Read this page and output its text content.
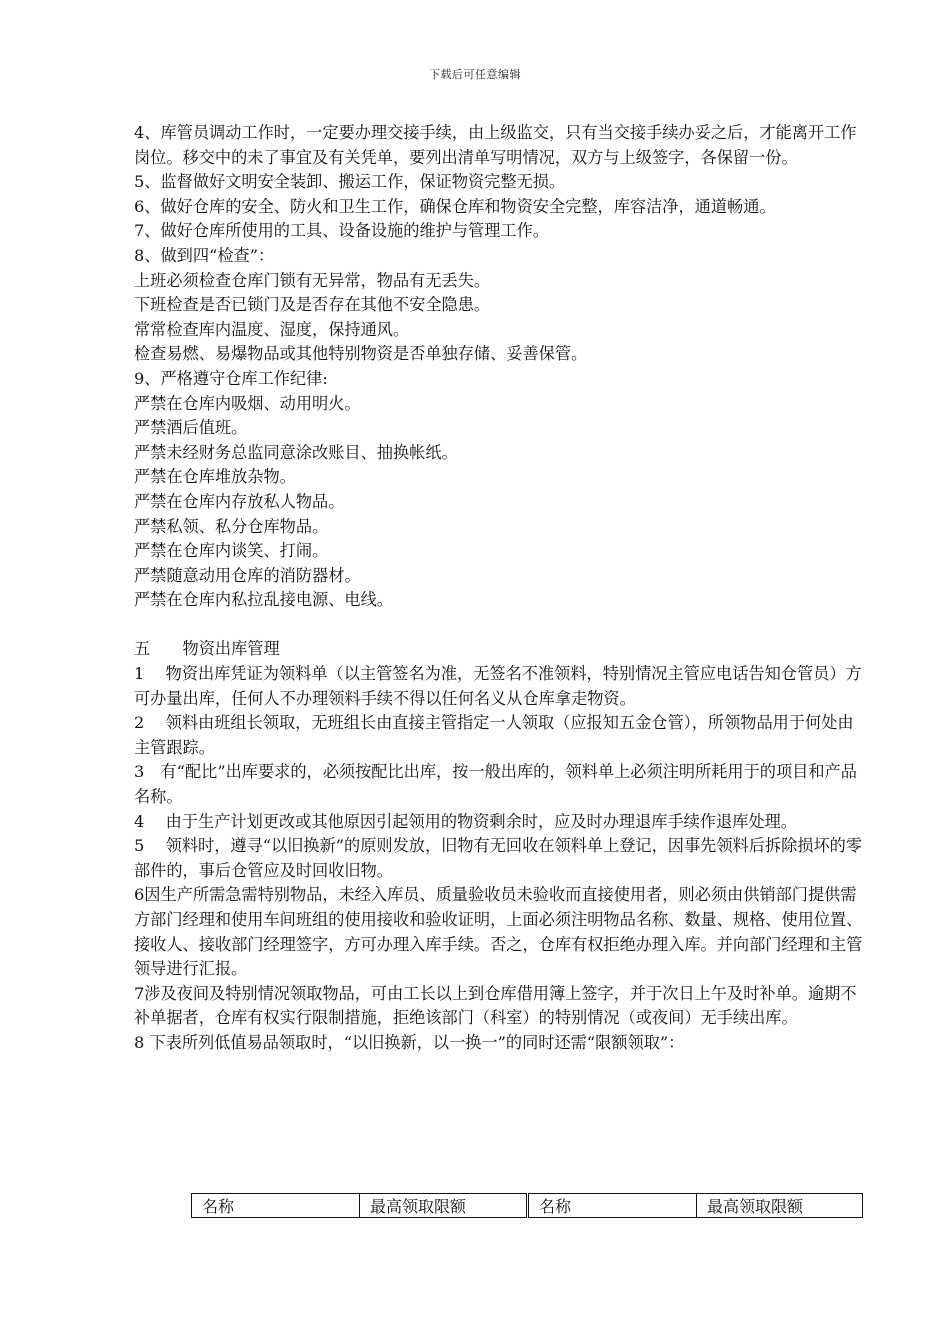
下载后可任意编辑

4、库管员调动工作时，一定要办理交接手续，由上级监交，只有当交接手续办妥之后，才能离开工作岗位。移交中的未了事宜及有关凭单，要列出清单写明情况，双方与上级签字，各保留一份。

5、监督做好文明安全装卸、搬运工作，保证物资完整无损。

6、做好仓库的安全、防火和卫生工作，确保仓库和物资安全完整，库容洁净，通道畅通。

7、做好仓库所使用的工具、设备设施的维护与管理工作。

8、做到四“检查”：

上班必须检查仓库门锁有无异常，物品有无丢失。

下班检查是否已锁门及是否存在其他不安全隐患。

常常检查库内温度、湿度，保持通风。

检查易燃、易爆物品或其他特别物资是否单独存储、妥善保管。

9、严格遵守仓库工作纪律:

严禁在仓库内吸烟、动用明火。

严禁酒后值班。

严禁未经财务总监同意涂改账目、抽换帐纸。

严禁在仓库堆放杂物。

严禁在仓库内存放私人物品。

严禁私领、私分仓库物品。

严禁在仓库内谈笑、打闹。

严禁随意动用仓库的消防器材。

严禁在仓库内私拉乱接电源、电线。

五　　物资出库管理

1　 物资出库凭证为领料单（以主管签名为准，无签名不准领料，特别情况主管应电话告知仓管员）方可办量出库，任何人不办理领料手续不得以任何名义从仓库拿走物资。

2　 领料由班组长领取，无班组长由直接主管指定一人领取（应报知五金仓管），所领物品用于何处由主管跟踪。

3　有“配比”出库要求的，必须按配比出库，按一般出库的，领料单上必须注明所耗用于的项目和产品名称。

4　 由于生产计划更改或其他原因引起领用的物资剩余时，应及时办理退库手续作退库处理。

5　 领料时，遵寻“以旧换新”的原则发放，旧物有无回收在领料单上登记，因事先领料后拆除损坏的零部件的，事后仓管应及时回收旧物。

6因生产所需急需特别物品，未经入库员、质量验收员未验收而直接使用者，则必须由供销部门提供需方部门经理和使用车间班组的使用接收和验收证明，上面必须注明物品名称、数量、规格、使用位置、接收人、接收部门经理签字，方可办理入库手续。否之，仓库有权拒绝办理入库。并向部门经理和主管领导进行汇报。

7涉及夜间及特别情况领取物品，可由工长以上到仓库借用簿上签字，并于次日上午及时补单。逾期不补单据者，仓库有权实行限制措施，拒绝该部门（科室）的特别情况（或夜间）无手续出库。

8 下表所列低值易品领取时，“以旧换新，以一换一”的同时还需“限额领取”：

名称	最高领取限额	名称	最高领取限额
